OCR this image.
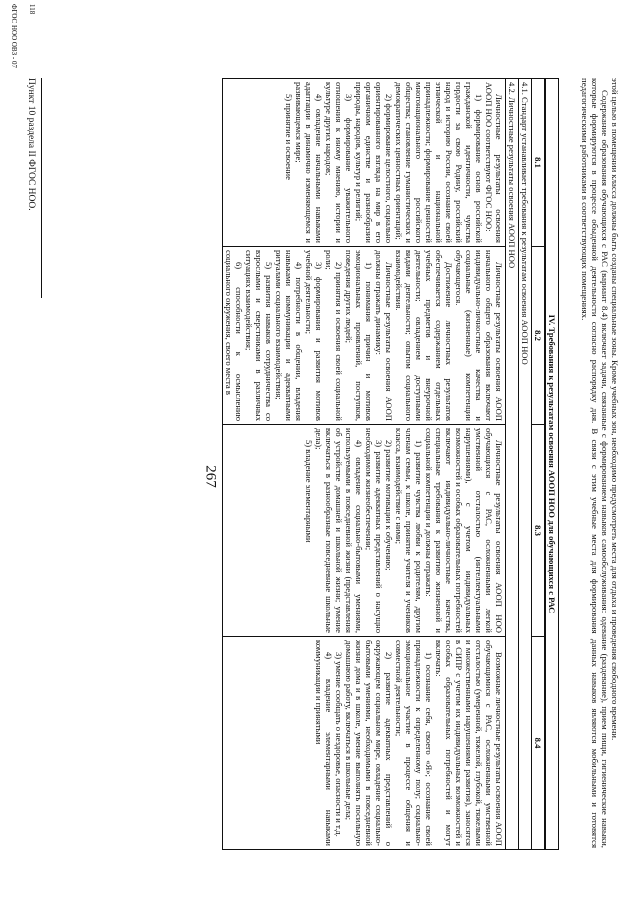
267	этой целью в помещении класса должны быть созданы специальные зоны. Кроме учебных зон, необходимо предусмотреть места для отдыха и проведения свободного времени.

Содержание образования обучающихся с РАС (вариант 8.4) включает задачи, связанные с формированием навыков самообслуживания: одевание (раздевание), прием пищи, гигиенические навыки, которые формируются в процессе обыденной деятельности согласно распорядку дня. В связи с этим учебные места для формирования данных навыков являются мобильными и готовятся педагогическими работниками в соответствующих помещениях.

IV. Требования к результатам освоения АООП НОО для обучающихся с РАС
8.1
8.2
8.3
8.4
4.1. Стандарт устанавливает требования к результатам освоения АООП НОО
4.2. Личностные результаты освоения АООП НОО

Личностные результаты освоения АООП НОО соответствуют ФГОС НОО:

1) формирование основ российской гражданской идентичности, чувства гордости за свою Родину, российский народ и историю России, осознание своей этнической и национальной принадлежности; формирование ценностей многонационального российского общества; становление гуманистических и демократических ценностных ориентаций;

2) формирование целостного, социально ориентированного взгляда на мир в его органичном единстве и разнообразии природы, народов, культур и религий;

3) формирование уважительного отношения к иному мнению, истории и культуре других народов;

4) овладение начальными навыками адаптации в динамично изменяющемся и развивающемся мире;

5) принятие и освоение

Личностные результаты освоения АООП начального общего образования включают индивидуально-личностные качества и социальные (жизненные) компетенции обучающегося.

Достижение личностных результатов обеспечивается содержанием отдельных учебных предметов и внеурочной деятельности; овладением доступными видами деятельности; опытом социального взаимодействия.

Личностные результаты освоения АООП должны отражать динамику:

1) понимания причин и мотивов эмоциональных проявлений, поступков, поведения других людей;

2) принятия и освоения своей социальной роли;

3) формирования и развития мотивов учебной деятельности;

4) потребности в общении, владения навыками коммуникации и адекватными ритуалами социального взаимодействия;

5) развития навыков сотрудничества со взрослыми и сверстниками в различных ситуациях взаимодействия;

6) способности к осмыслению социального окружения, своего места в

Личностные результаты освоения АООП НОО обучающихся с РАС, осложненными легкой умственной отсталостью (интеллектуальными нарушениями), с учетом индивидуальных возможностей и особых образовательных потребностей включают индивидуально-личностные качества, специальные требования к развитию жизненной и социальной компетенции и должны отражать:

1) развитие чувства любви к родителям, другим членам семьи, к школе, принятие учителя и учеников класса, взаимодействие с ними;

2) развитие мотивации к обучению;

3) развитие адекватных представлений о насущно необходимом жизнеобеспечении;

4) овладение социально-бытовыми умениями, используемыми в повседневной жизни (представления об устройстве домашней и школьной жизни; умение включаться в разнообразные повседневные школьные дела);

5) владение элементарными

Возможные личностные результаты освоения АООП обучающимися с РАС, осложненными умственной отсталостью (умеренной, тяжелой, глубокой, тяжелыми и множественными нарушениями развития), заносятся в СИПР с учетом их индивидуальных возможностей и особых образовательных потребностей и могут включать:

1) осознание себя, своего «Я»; осознание своей принадлежности к определенному полу; социально-эмоциональное участие в процессе общения и совместной деятельности;

2) развитие адекватных представлений о окружающем социальном мире, овладение социально-бытовыми умениями, необходимыми в повседневной жизни дома и в школе, умение выполнять посильную домашнюю работу, включаться в школьные дела;

3) умение сообщать о нездоровье, опасности и т.д.

4) владение элементарными навыками коммуникации и принятыми

118
Пункт 10 раздела II ФГОС НОО.
ФГОС НОО ОВЗ - 07
